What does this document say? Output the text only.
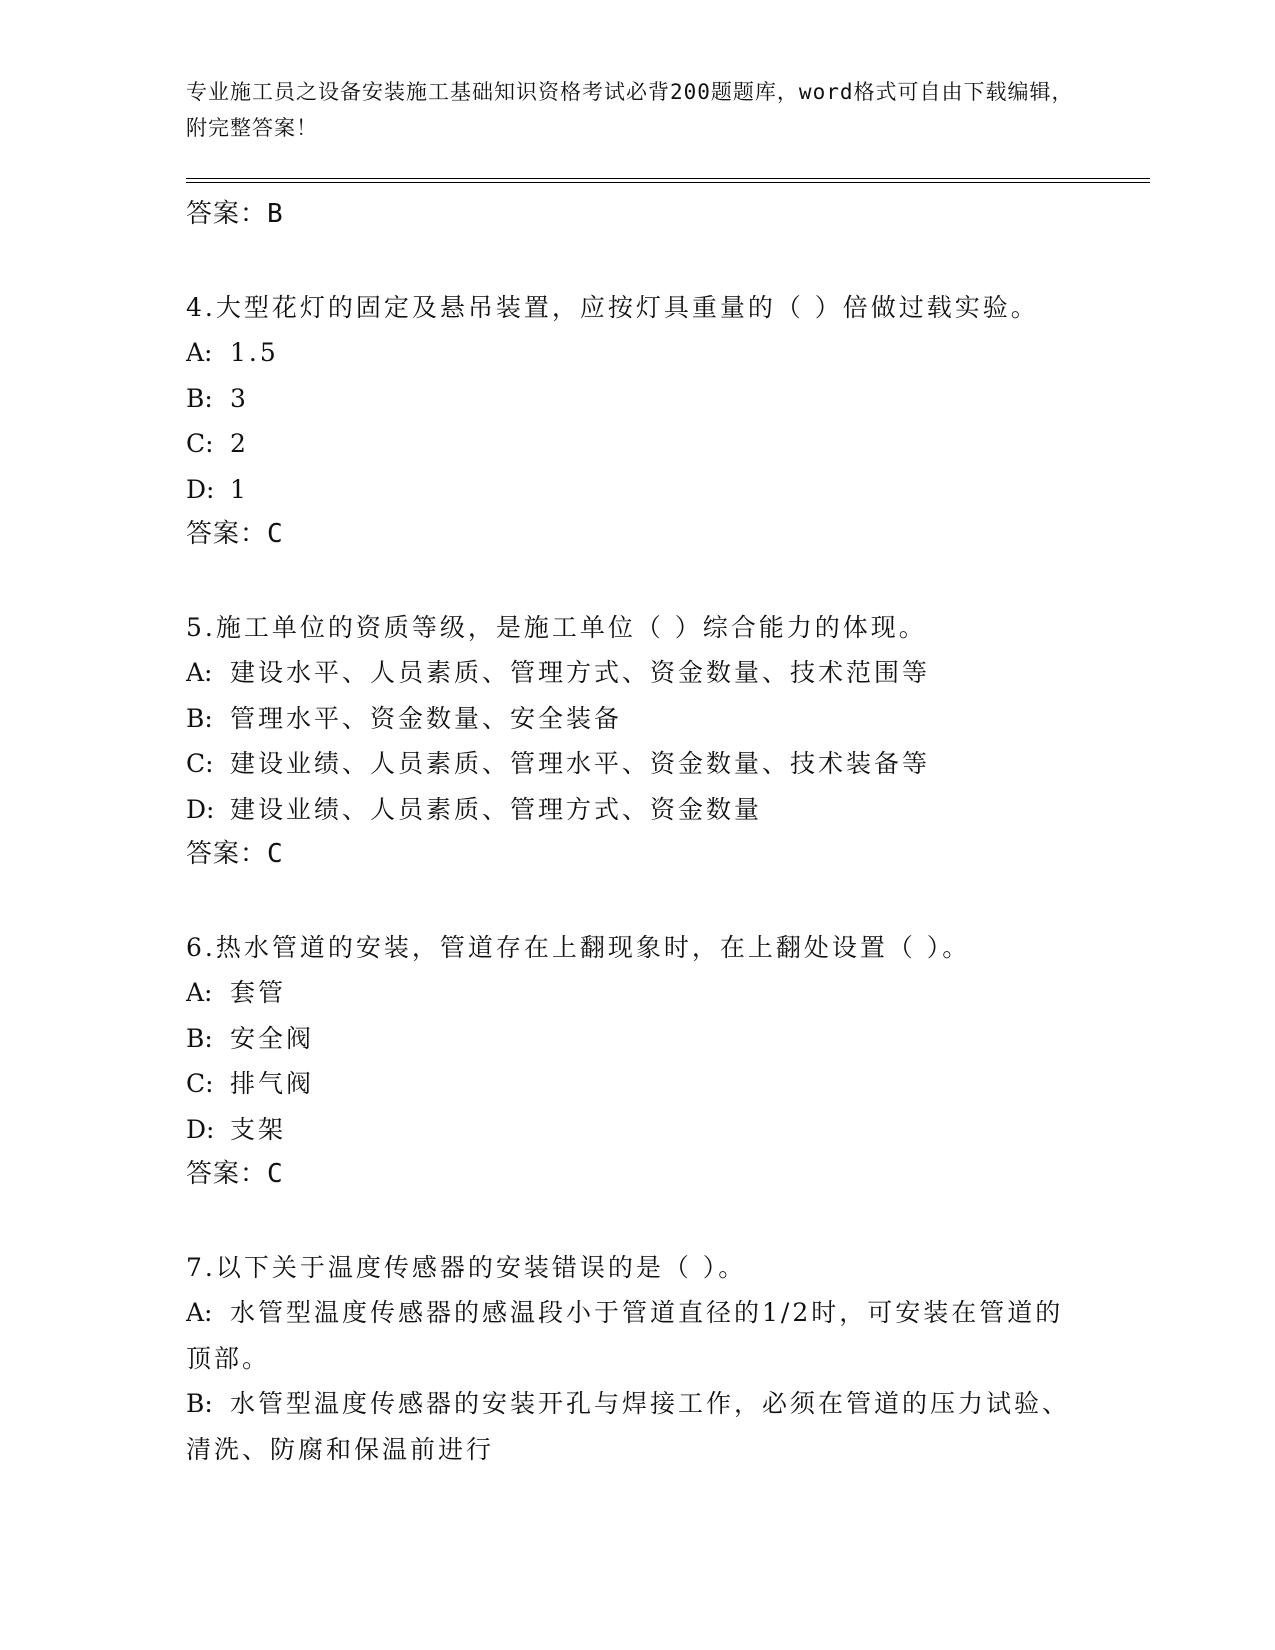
专业施工员之设备安装施工基础知识资格考试必背200题题库，word格式可自由下载编辑，附完整答案！
答案：B
4.大型花灯的固定及悬吊装置，应按灯具重量的（ ）倍做过载实验。
A: 1.5
B: 3
C: 2
D: 1
答案：C
5.施工单位的资质等级，是施工单位（ ）综合能力的体现。
A: 建设水平、人员素质、管理方式、资金数量、技术范围等
B: 管理水平、资金数量、安全装备
C: 建设业绩、人员素质、管理水平、资金数量、技术装备等
D: 建设业绩、人员素质、管理方式、资金数量
答案：C
6.热水管道的安装，管道存在上翻现象时，在上翻处设置（ ）。
A: 套管
B: 安全阀
C: 排气阀
D: 支架
答案：C
7.以下关于温度传感器的安装错误的是（ ）。
A: 水管型温度传感器的感温段小于管道直径的1/2时，可安装在管道的顶部。
B: 水管型温度传感器的安装开孔与焊接工作，必须在管道的压力试验、清洗、防腐和保温前进行
